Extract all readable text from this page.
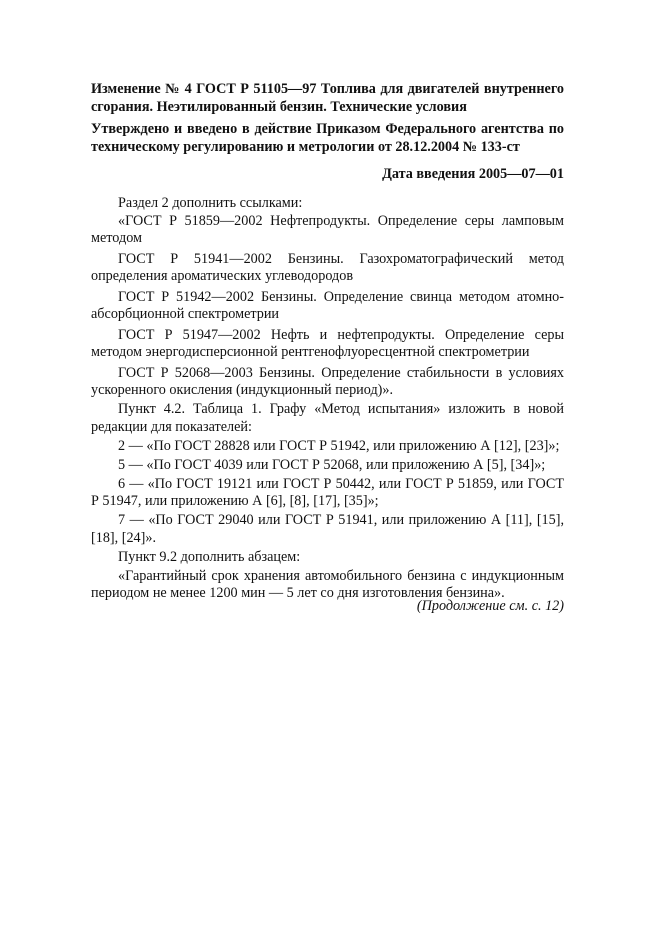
Изменение № 4 ГОСТ Р 51105—97 Топлива для двигателей внутреннего сгорания. Неэтилированный бензин. Технические условия

Утверждено и введено в действие Приказом Федерального агентства по техническому регулированию и метрологии от 28.12.2004 № 133-ст

Дата введения 2005—07—01

Раздел 2 дополнить ссылками:

«ГОСТ Р 51859—2002 Нефтепродукты. Определение серы ламповым методом

ГОСТ Р 51941—2002 Бензины. Газохроматографический метод определения ароматических углеводородов

ГОСТ Р 51942—2002 Бензины. Определение свинца методом атомно-абсорбционной спектрометрии

ГОСТ Р 51947—2002 Нефть и нефтепродукты. Определение серы методом энергодисперсионной рентгенофлуоресцентной спектрометрии

ГОСТ Р 52068—2003 Бензины. Определение стабильности в условиях ускоренного окисления (индукционный период)».

Пункт 4.2. Таблица 1. Графу «Метод испытания» изложить в новой редакции для показателей:

2 — «По ГОСТ 28828 или ГОСТ Р 51942, или приложению А [12], [23]»;

5 — «По ГОСТ 4039 или ГОСТ Р 52068, или приложению А [5], [34]»;

6 — «По ГОСТ 19121 или ГОСТ Р 50442, или ГОСТ Р 51859, или ГОСТ Р 51947, или приложению А [6], [8], [17], [35]»;

7 — «По ГОСТ 29040 или ГОСТ Р 51941, или приложению А [11], [15], [18], [24]».

Пункт 9.2 дополнить абзацем:

«Гарантийный срок хранения автомобильного бензина с индукционным периодом не менее 1200 мин — 5 лет со дня изготовления бензина».

(Продолжение см. с. 12)
